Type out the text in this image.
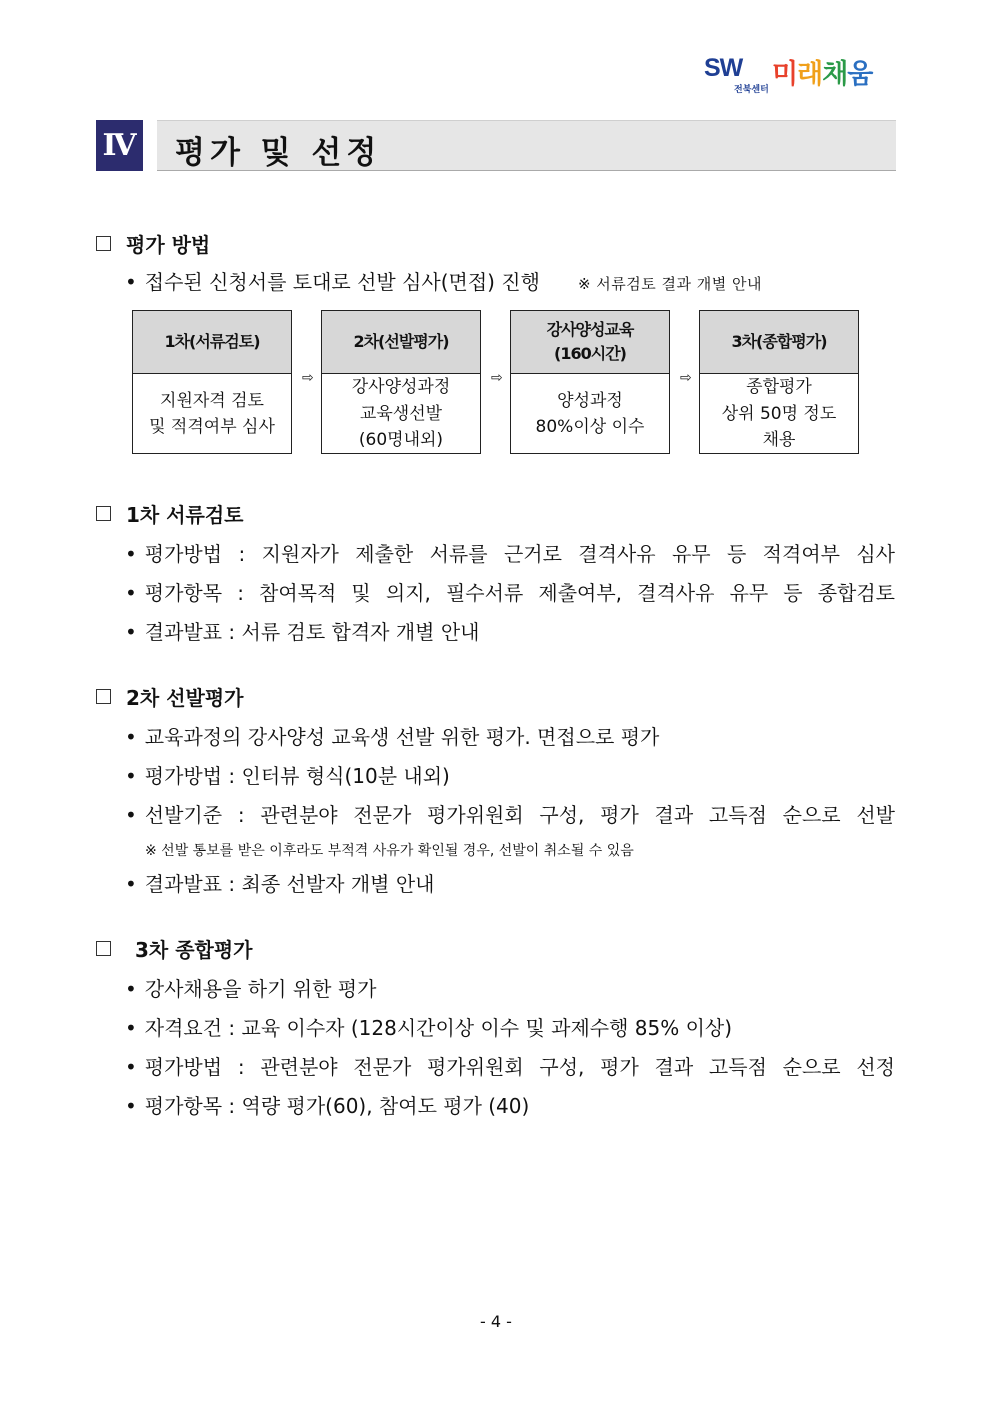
SW
전북센터 미래채움
Ⅳ 평가 및 선정
평가 방법
• 접수된 신청서를 토대로 선발 심사(면접) 진행	※ 서류검토 결과 개별 안내
1차(서류검토)
지원자격 검토
및 적격여부 심사
⇨
2차(선발평가)
강사양성과정
교육생선발
(60명내외)
⇨
강사양성교육
(160시간)
양성과정
80%이상 이수
⇨
3차(종합평가)
종합평가
상위 50명 정도
채용
1차 서류검토
• 평가방법 : 지원자가 제출한 서류를 근거로 결격사유 유무 등 적격여부 심사
• 평가항목 : 참여목적 및 의지, 필수서류 제출여부, 결격사유 유무 등 종합검토
• 결과발표 : 서류 검토 합격자 개별 안내
2차 선발평가
• 교육과정의 강사양성 교육생 선발 위한 평가. 면접으로 평가
• 평가방법 : 인터뷰 형식(10분 내외)
• 선발기준 : 관련분야 전문가 평가위원회 구성, 평가 결과 고득점 순으로 선발
※ 선발 통보를 받은 이후라도 부적격 사유가 확인될 경우, 선발이 취소될 수 있음
• 결과발표 : 최종 선발자 개별 안내
3차 종합평가
• 강사채용을 하기 위한 평가
• 자격요건 : 교육 이수자 (128시간이상 이수 및 과제수행 85% 이상)
• 평가방법 : 관련분야 전문가 평가위원회 구성, 평가 결과 고득점 순으로 선정
• 평가항목 : 역량 평가(60), 참여도 평가 (40)
- 4 -
